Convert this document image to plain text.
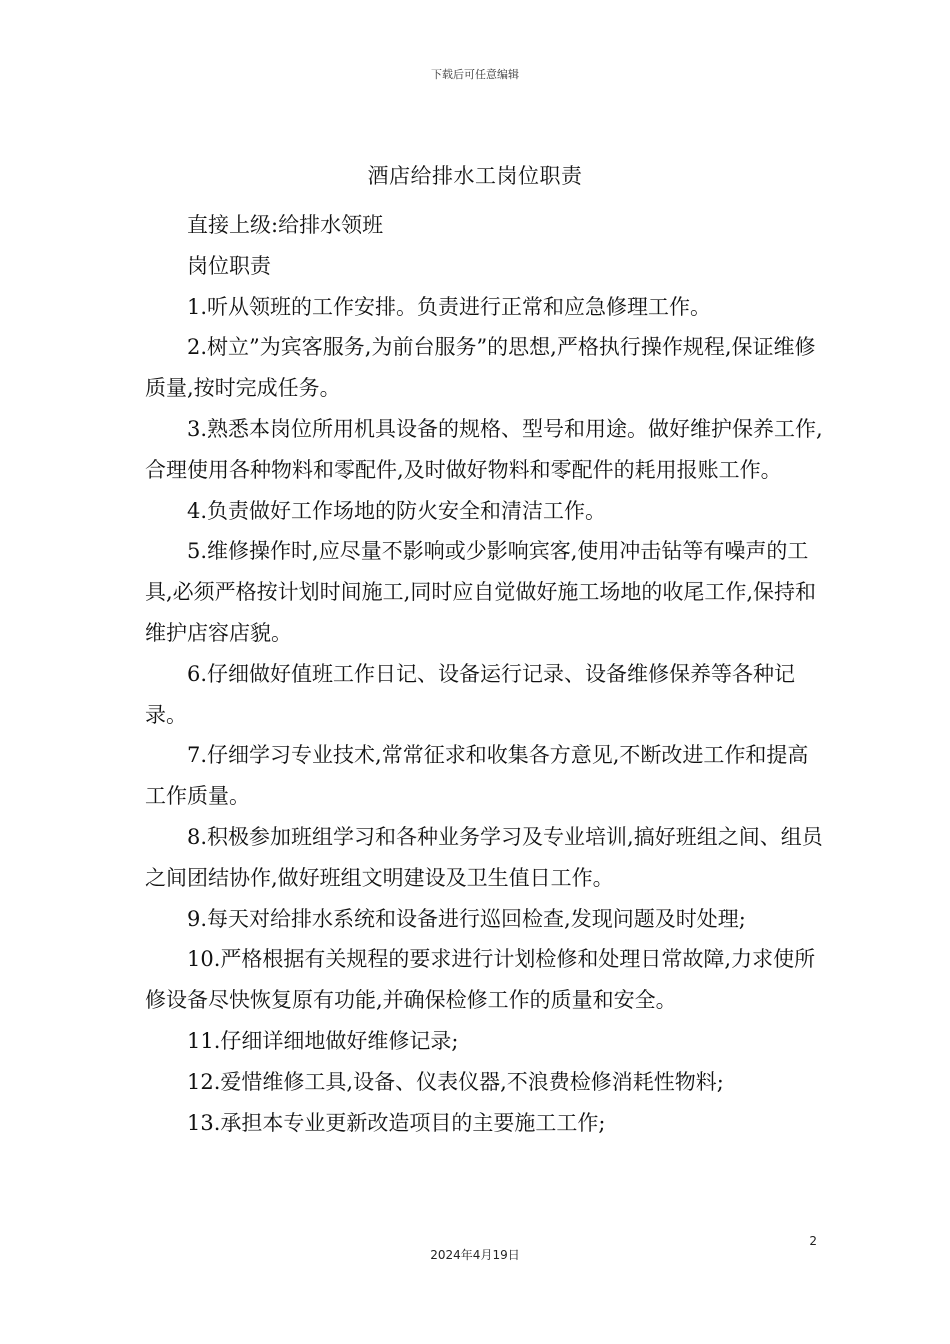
下载后可任意编辑
酒店给排水工岗位职责

直接上级:给排水领班

岗位职责

1.听从领班的工作安排。负责进行正常和应急修理工作。

2.树立”为宾客服务,为前台服务”的思想,严格执行操作规程,保证维修质量,按时完成任务。

3.熟悉本岗位所用机具设备的规格、型号和用途。做好维护保养工作,合理使用各种物料和零配件,及时做好物料和零配件的耗用报账工作。

4.负责做好工作场地的防火安全和清洁工作。

5.维修操作时,应尽量不影响或少影响宾客,使用冲击钻等有噪声的工具,必须严格按计划时间施工,同时应自觉做好施工场地的收尾工作,保持和维护店容店貌。

6.仔细做好值班工作日记、设备运行记录、设备维修保养等各种记录。

7.仔细学习专业技术,常常征求和收集各方意见,不断改进工作和提高工作质量。

8.积极参加班组学习和各种业务学习及专业培训,搞好班组之间、组员之间团结协作,做好班组文明建设及卫生值日工作。

9.每天对给排水系统和设备进行巡回检查,发现问题及时处理;

10.严格根据有关规程的要求进行计划检修和处理日常故障,力求使所修设备尽快恢复原有功能,并确保检修工作的质量和安全。

11.仔细详细地做好维修记录;

12.爱惜维修工具,设备、仪表仪器,不浪费检修消耗性物料;

13.承担本专业更新改造项目的主要施工工作;

2
2024年4月19日
